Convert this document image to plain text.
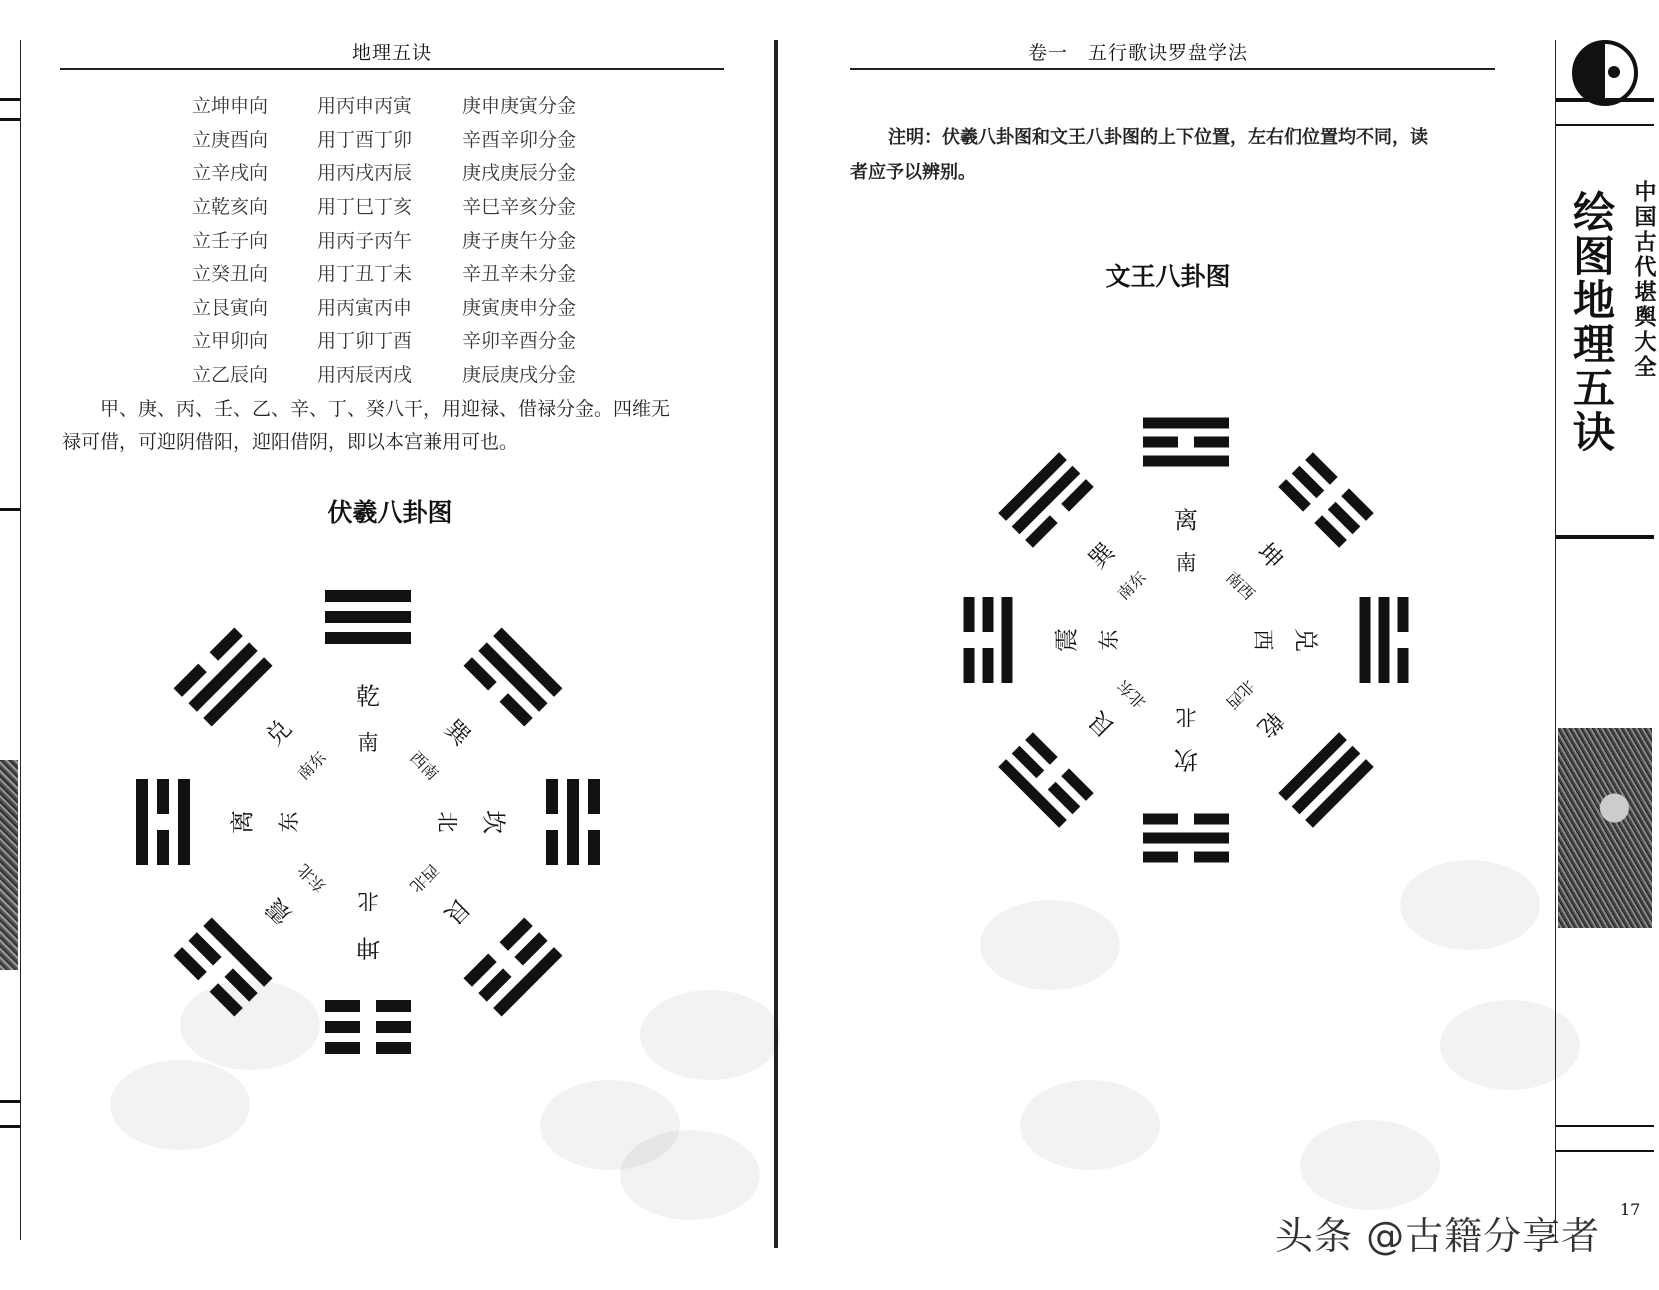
地理五诀
立坤申向	用丙申丙寅	庚申庚寅分金
立庚酉向	用丁酉丁卯	辛酉辛卯分金
立辛戌向	用丙戌丙辰	庚戌庚辰分金
立乾亥向	用丁巳丁亥	辛巳辛亥分金
立壬子向	用丙子丙午	庚子庚午分金
立癸丑向	用丁丑丁未	辛丑辛未分金
立艮寅向	用丙寅丙申	庚寅庚申分金
立甲卯向	用丁卯丁酉	辛卯辛酉分金
立乙辰向	用丙辰丙戌	庚辰庚戌分金
甲、庚、丙、壬、乙、辛、丁、癸八干，用迎禄、借禄分金。四维无
禄可借，可迎阴借阳，迎阳借阴，即以本宫兼用可也。
伏羲八卦图
乾
南 巽
西南
坎
北
艮
西北
坤
北
震
东北
离 东
兑
南东
卷一　五行歌诀罗盘学法
注明：伏羲八卦图和文王八卦图的上下位置，左右们位置均不同，读
者应予以辨别。
文王八卦图
离
南 坤
南西
兑
西
乾
北西
坎
北
艮
北东
震 东
巽
南东
绘图地理五诀 中国古代堪舆大全
17
头条 @古籍分享者
